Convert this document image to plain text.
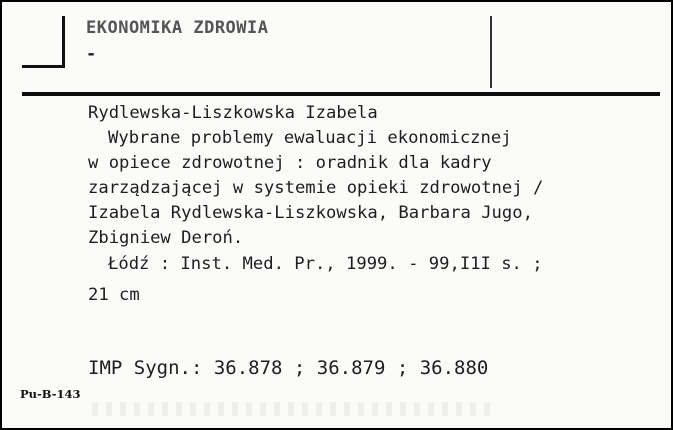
EKONOMIKA ZDROWIA
-
Rydlewska-Liszkowska Izabela
Wybrane problemy ewaluacji ekonomicznej
w opiece zdrowotnej : oradnik dla kadry
zarządzającej w systemie opieki zdrowotnej /
Izabela Rydlewska-Liszkowska, Barbara Jugo,
Zbigniew Deroń.
Łódź : Inst. Med. Pr., 1999. - 99,I1I s. ;
21 cm
IMP Sygn.: 36.878 ; 36.879 ; 36.880
Pu-B-143
